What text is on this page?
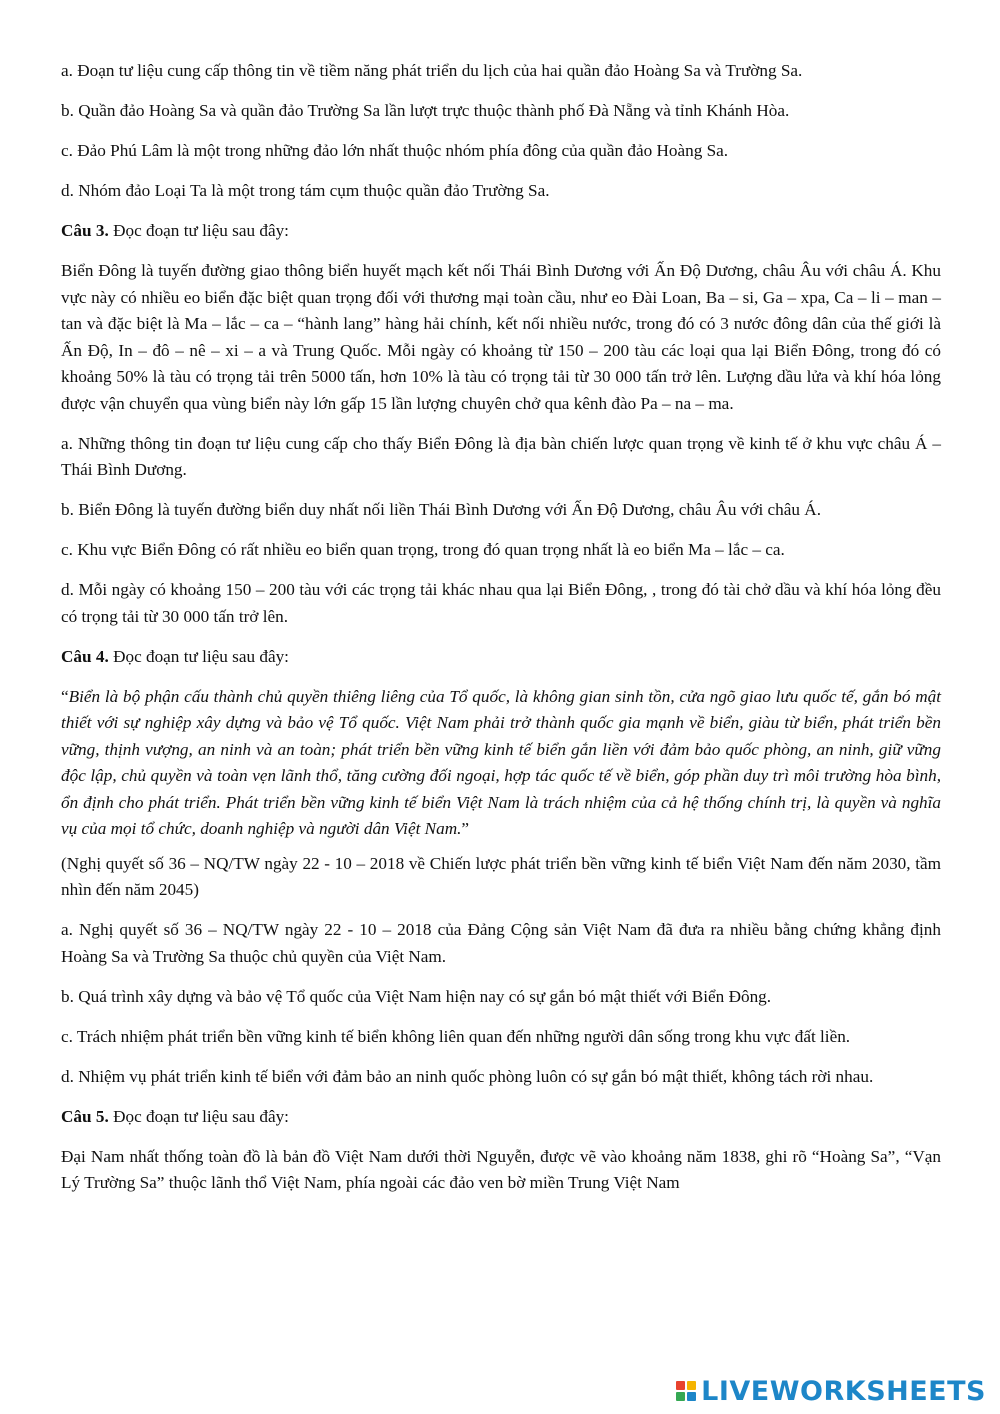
a. Đoạn tư liệu cung cấp thông tin về tiềm năng phát triển du lịch của hai quần đảo Hoàng Sa và Trường Sa.

b. Quần đảo Hoàng Sa và quần đảo Trường Sa lần lượt trực thuộc thành phố Đà Nẵng và tỉnh Khánh Hòa.

c. Đảo Phú Lâm là một trong những đảo lớn nhất thuộc nhóm phía đông của quần đảo Hoàng Sa.

d. Nhóm đảo Loại Ta là một trong tám cụm thuộc quần đảo Trường Sa.

Câu 3. Đọc đoạn tư liệu sau đây:

Biển Đông là tuyến đường giao thông biển huyết mạch kết nối Thái Bình Dương với Ấn Độ Dương, châu Âu với châu Á. Khu vực này có nhiều eo biển đặc biệt quan trọng đối với thương mại toàn cầu, như eo Đài Loan, Ba – si, Ga – xpa, Ca – li – man – tan và đặc biệt là Ma – lắc – ca – “hành lang” hàng hải chính, kết nối nhiều nước, trong đó có 3 nước đông dân của thế giới là Ấn Độ, In – đô – nê – xi – a và Trung Quốc. Mỗi ngày có khoảng từ 150 – 200 tàu các loại qua lại Biển Đông, trong đó có khoảng 50% là tàu có trọng tải trên 5000 tấn, hơn 10% là tàu có trọng tải từ 30 000 tấn trở lên. Lượng dầu lửa và khí hóa lỏng được vận chuyển qua vùng biển này lớn gấp 15 lần lượng chuyên chở qua kênh đào Pa – na – ma.

a. Những thông tin đoạn tư liệu cung cấp cho thấy Biển Đông là địa bàn chiến lược quan trọng về kinh tế ở khu vực châu Á – Thái Bình Dương.

b. Biển Đông là tuyến đường biển duy nhất nối liền Thái Bình Dương với Ấn Độ Dương, châu Âu với châu Á.

c. Khu vực Biển Đông có rất nhiều eo biển quan trọng, trong đó quan trọng nhất là eo biển Ma – lắc – ca.

d. Mỗi ngày có khoảng 150 – 200 tàu với các trọng tải khác nhau qua lại Biển Đông, , trong đó tài chở dầu và khí hóa lỏng đều có trọng tải từ 30 000 tấn trở lên.

Câu 4. Đọc đoạn tư liệu sau đây:

“Biển là bộ phận cấu thành chủ quyền thiêng liêng của Tổ quốc, là không gian sinh tồn, cửa ngõ giao lưu quốc tế, gắn bó mật thiết với sự nghiệp xây dựng và bảo vệ Tổ quốc. Việt Nam phải trở thành quốc gia mạnh về biển, giàu từ biển, phát triển bền vững, thịnh vượng, an ninh và an toàn; phát triển bền vững kinh tế biển gắn liền với đảm bảo quốc phòng, an ninh, giữ vững độc lập, chủ quyền và toàn vẹn lãnh thổ, tăng cường đối ngoại, hợp tác quốc tế về biển, góp phần duy trì môi trường hòa bình, ổn định cho phát triển. Phát triển bền vững kinh tế biển Việt Nam là trách nhiệm của cả hệ thống chính trị, là quyền và nghĩa vụ của mọi tổ chức, doanh nghiệp và người dân Việt Nam.”

(Nghị quyết số 36 – NQ/TW ngày 22 - 10 – 2018 về Chiến lược phát triển bền vững kinh tế biển Việt Nam đến năm 2030, tầm nhìn đến năm 2045)

a. Nghị quyết số 36 – NQ/TW ngày 22 - 10 – 2018 của Đảng Cộng sản Việt Nam đã đưa ra nhiều bằng chứng khẳng định Hoàng Sa và Trường Sa thuộc chủ quyền của Việt Nam.

b. Quá trình xây dựng và bảo vệ Tổ quốc của Việt Nam hiện nay có sự gắn bó mật thiết với Biển Đông.

c. Trách nhiệm phát triển bền vững kinh tế biển không liên quan đến những người dân sống trong khu vực đất liền.

d. Nhiệm vụ phát triển kinh tế biển với đảm bảo an ninh quốc phòng luôn có sự gắn bó mật thiết, không tách rời nhau.

Câu 5. Đọc đoạn tư liệu sau đây:

Đại Nam nhất thống toàn đồ là bản đồ Việt Nam dưới thời Nguyễn, được vẽ vào khoảng năm 1838, ghi rõ “Hoàng Sa”, “Vạn Lý Trường Sa” thuộc lãnh thổ Việt Nam, phía ngoài các đảo ven bờ miền Trung Việt Nam

LIVEWORKSHEETS
